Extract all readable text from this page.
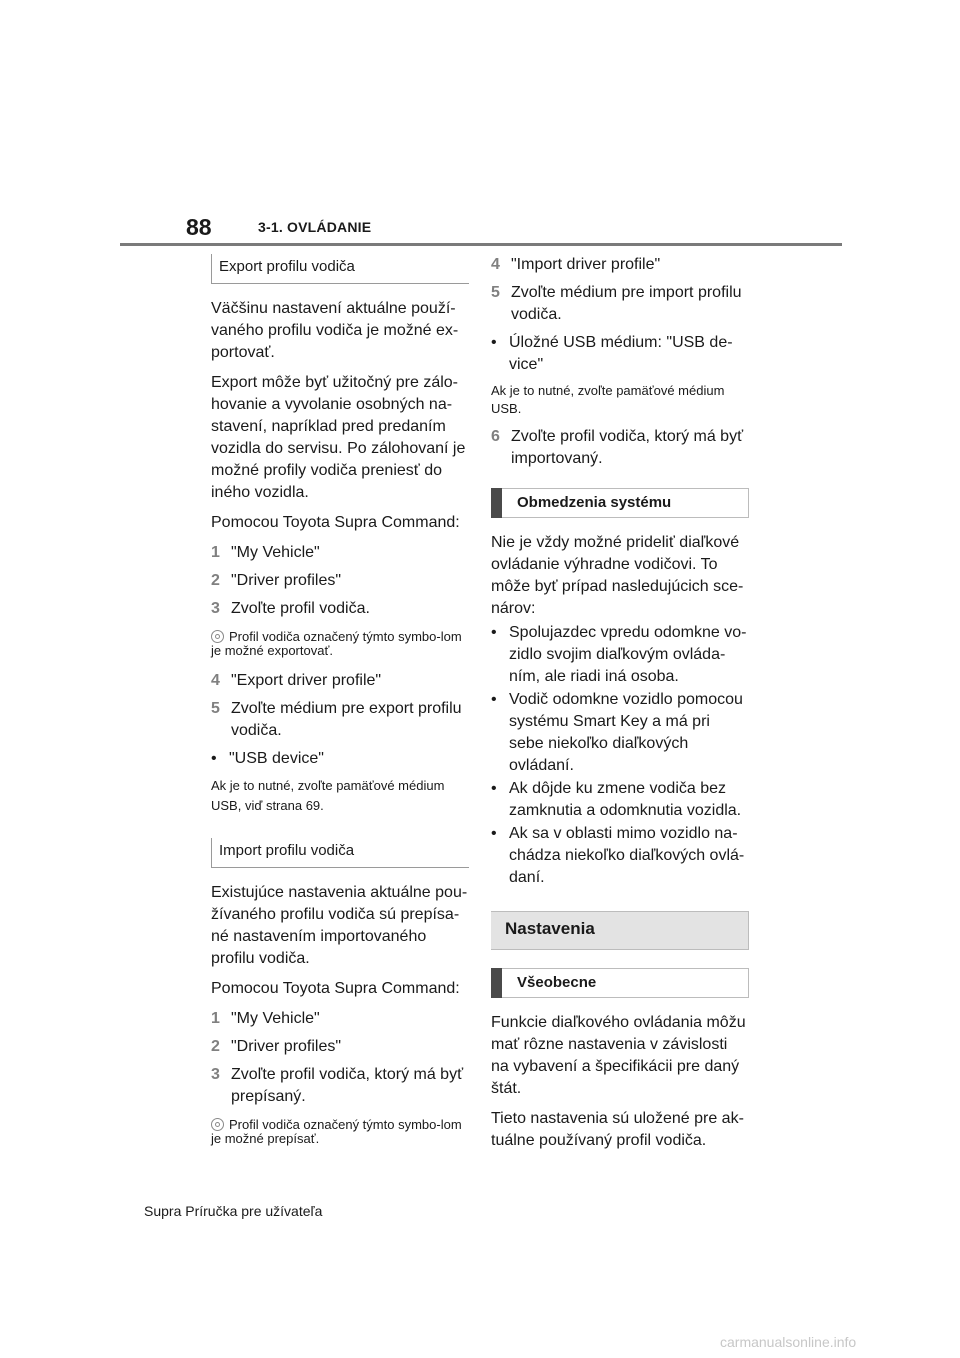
88	3-1. OVLÁDANIE
Export profilu vodiča

Väčšinu nastavení aktuálne použí-vaného profilu vodiča je možné ex-portovať.

Export môže byť užitočný pre zálo-hovanie a vyvolanie osobných na-stavení, napríklad pred predaním vozidla do servisu. Po zálohovaní je možné profily vodiča preniesť do iného vozidla.

Pomocou Toyota Supra Command:

1 "My Vehicle"
2 "Driver profiles"
3 Zvoľte profil vodiča.
Profil vodiča označený týmto symbo-lom je možné exportovať.
4 "Export driver profile"
5 Zvoľte médium pre export profilu vodiča.
• "USB device"

Ak je to nutné, zvoľte pamäťové médium USB, viď strana 69.

Import profilu vodiča

Existujúce nastavenia aktuálne pou-žívaného profilu vodiča sú prepísa-né nastavením importovaného profilu vodiča.

Pomocou Toyota Supra Command:

1 "My Vehicle"
2 "Driver profiles"
3 Zvoľte profil vodiča, ktorý má byť prepísaný.
Profil vodiča označený týmto symbo-lom je možné prepísať.
4 "Import driver profile"
5 Zvoľte médium pre import profilu vodiča.
• Úložné USB médium: "USB de-vice"

Ak je to nutné, zvoľte pamäťové médium USB.

6 Zvoľte profil vodiča, ktorý má byť importovaný.
Obmedzenia systému

Nie je vždy možné prideliť diaľkové ovládanie výhradne vodičovi. To môže byť prípad nasledujúcich sce-nárov:

• Spolujazdec vpredu odomkne vo-zidlo svojim diaľkovým ovláda-ním, ale riadi iná osoba.
• Vodič odomkne vozidlo pomocou systému Smart Key a má pri sebe niekoľko diaľkových ovládaní.
• Ak dôjde ku zmene vodiča bez zamknutia a odomknutia vozidla.
• Ak sa v oblasti mimo vozidlo na-chádza niekoľko diaľkových ovlá-daní.
Nastavenia
Všeobecne

Funkcie diaľkového ovládania môžu mať rôzne nastavenia v závislosti na vybavení a špecifikácii pre daný štát.

Tieto nastavenia sú uložené pre ak-tuálne používaný profil vodiča.

Supra Príručka pre užívateľa
carmanualsonline.info
